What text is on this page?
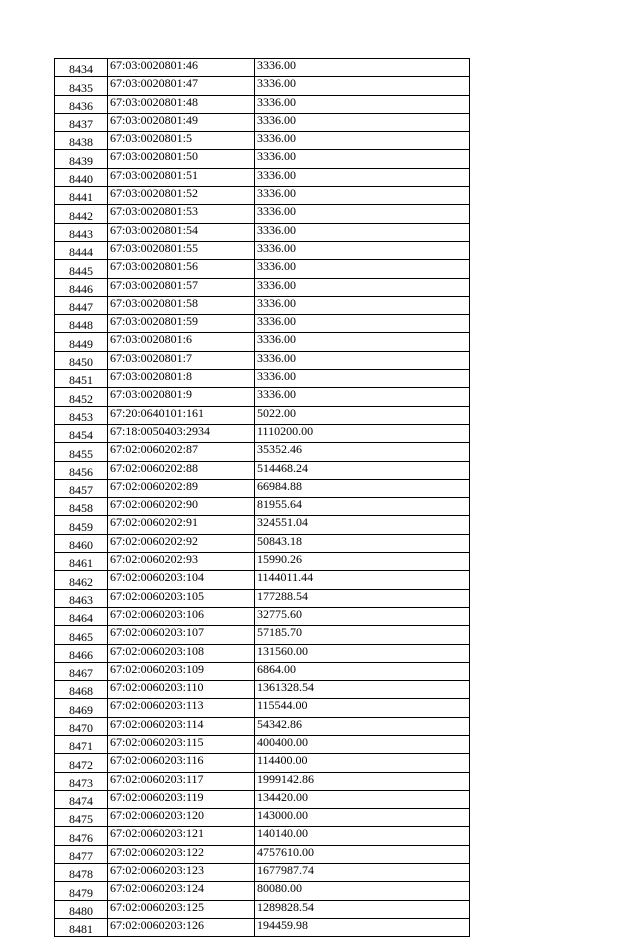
8434	67:03:0020801:46	3336.00
8435	67:03:0020801:47	3336.00
8436	67:03:0020801:48	3336.00
8437	67:03:0020801:49	3336.00
8438	67:03:0020801:5	3336.00
8439	67:03:0020801:50	3336.00
8440	67:03:0020801:51	3336.00
8441	67:03:0020801:52	3336.00
8442	67:03:0020801:53	3336.00
8443	67:03:0020801:54	3336.00
8444	67:03:0020801:55	3336.00
8445	67:03:0020801:56	3336.00
8446	67:03:0020801:57	3336.00
8447	67:03:0020801:58	3336.00
8448	67:03:0020801:59	3336.00
8449	67:03:0020801:6	3336.00
8450	67:03:0020801:7	3336.00
8451	67:03:0020801:8	3336.00
8452	67:03:0020801:9	3336.00
8453	67:20:0640101:161	5022.00
8454	67:18:0050403:2934	1110200.00
8455	67:02:0060202:87	35352.46
8456	67:02:0060202:88	514468.24
8457	67:02:0060202:89	66984.88
8458	67:02:0060202:90	81955.64
8459	67:02:0060202:91	324551.04
8460	67:02:0060202:92	50843.18
8461	67:02:0060202:93	15990.26
8462	67:02:0060203:104	1144011.44
8463	67:02:0060203:105	177288.54
8464	67:02:0060203:106	32775.60
8465	67:02:0060203:107	57185.70
8466	67:02:0060203:108	131560.00
8467	67:02:0060203:109	6864.00
8468	67:02:0060203:110	1361328.54
8469	67:02:0060203:113	115544.00
8470	67:02:0060203:114	54342.86
8471	67:02:0060203:115	400400.00
8472	67:02:0060203:116	114400.00
8473	67:02:0060203:117	1999142.86
8474	67:02:0060203:119	134420.00
8475	67:02:0060203:120	143000.00
8476	67:02:0060203:121	140140.00
8477	67:02:0060203:122	4757610.00
8478	67:02:0060203:123	1677987.74
8479	67:02:0060203:124	80080.00
8480	67:02:0060203:125	1289828.54
8481	67:02:0060203:126	194459.98
